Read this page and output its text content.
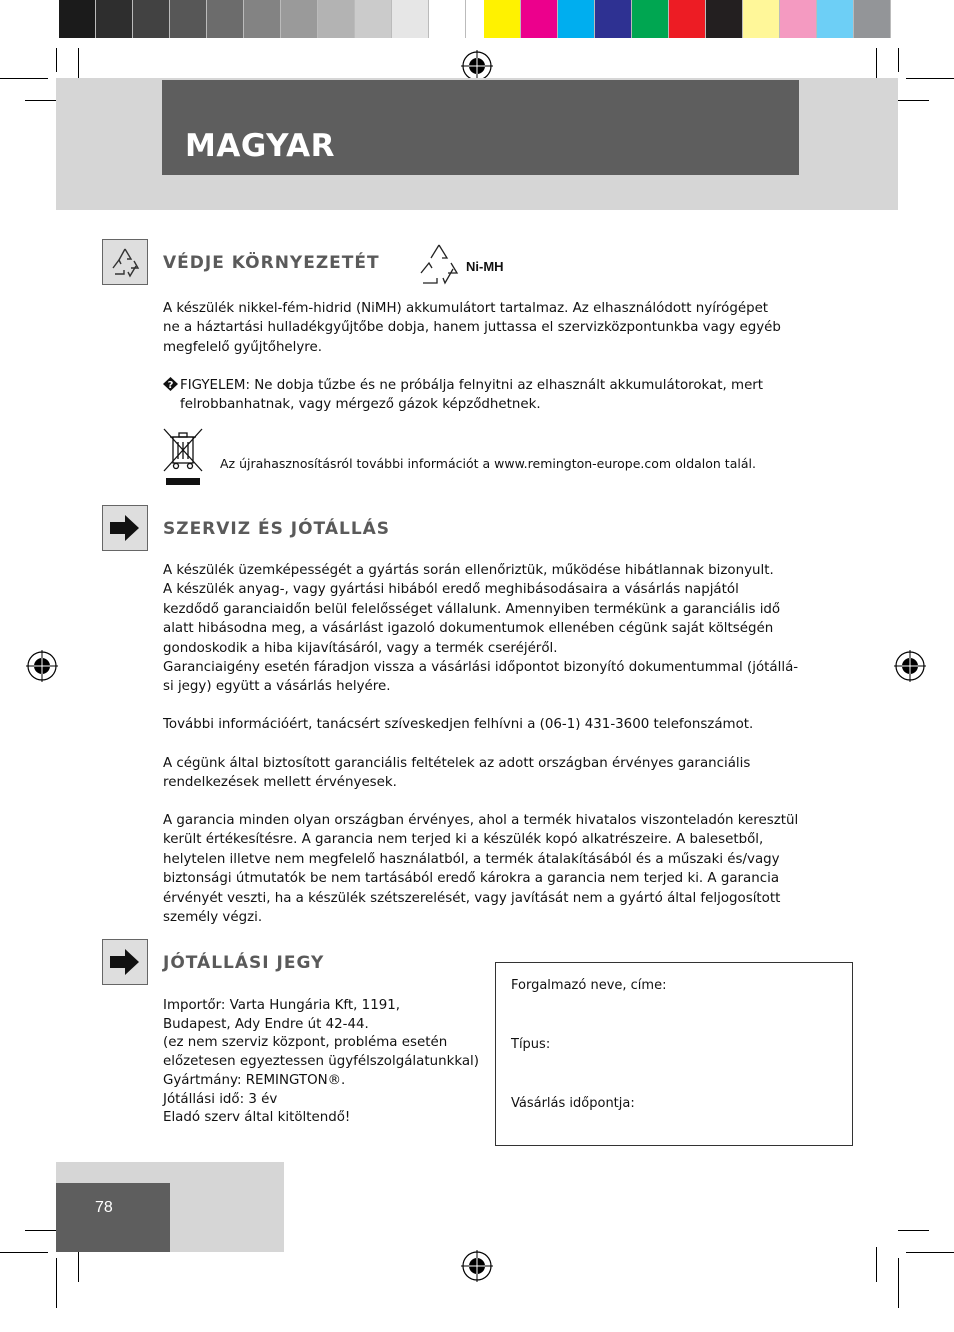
MAGYAR
VÉDJE KÖRNYEZETÉT	Ni-MH

A készülék nikkel-fém-hidrid (NiMH) akkumulátort tartalmaz. Az elhasználódott nyírógépet

ne a háztartási hulladékgyűjtőbe dobja, hanem juttassa el szervizközpontunkba vagy egyéb

megfelelő gyűjtőhelyre.

? FIGYELEM: Ne dobja tűzbe és ne próbálja felnyitni az elhasznált akkumulátorokat, mert

felrobbanhatnak, vagy mérgező gázok képződhetnek.

Az újrahasznosításról további információt a www.remington-europe.com oldalon talál.
SZERVIZ ÉS JÓTÁLLÁS

A készülék üzemképességét a gyártás során ellenőriztük, működése hibátlannak bizonyult.

A készülék anyag-, vagy gyártási hibából eredő meghibásodásaira a vásárlás napjától

kezdődő garanciaidőn belül felelősséget vállalunk. Amennyiben termékünk a garanciális idő

alatt hibásodna meg, a vásárlást igazoló dokumentumok ellenében cégünk saját költségén

gondoskodik a hiba kijavításáról, vagy a termék cseréjéről.

Garanciaigény esetén fáradjon vissza a vásárlási időpontot bizonyító dokumentummal (jótállá-

si jegy) együtt a vásárlás helyére.

További információért, tanácsért szíveskedjen felhívni a (06-1) 431-3600 telefonszámot.

A cégünk által biztosított garanciális feltételek az adott országban érvényes garanciális

rendelkezések mellett érvényesek.

A garancia minden olyan országban érvényes, ahol a termék hivatalos viszonteladón keresztül

került értékesítésre. A garancia nem terjed ki a készülék kopó alkatrészeire. A balesetből,

helytelen illetve nem megfelelő használatból, a termék átalakításából és a műszaki és/vagy

biztonsági útmutatók be nem tartásából eredő károkra a garancia nem terjed ki. A garancia

érvényét veszti, ha a készülék szétszerelését, vagy javítását nem a gyártó által feljogosított

személy végzi.

JÓTÁLLÁSI JEGY

Importőr: Varta Hungária Kft, 1191,

Budapest, Ady Endre út 42-44.

(ez nem szerviz központ, probléma esetén

előzetesen egyeztessen ügyfélszolgálatunkkal)

Gyártmány: REMINGTON®.

Jótállási idő: 3 év

Eladó szerv által kitöltendő!

Forgalmazó neve, címe:
Típus:
Vásárlás időpontja:
78
